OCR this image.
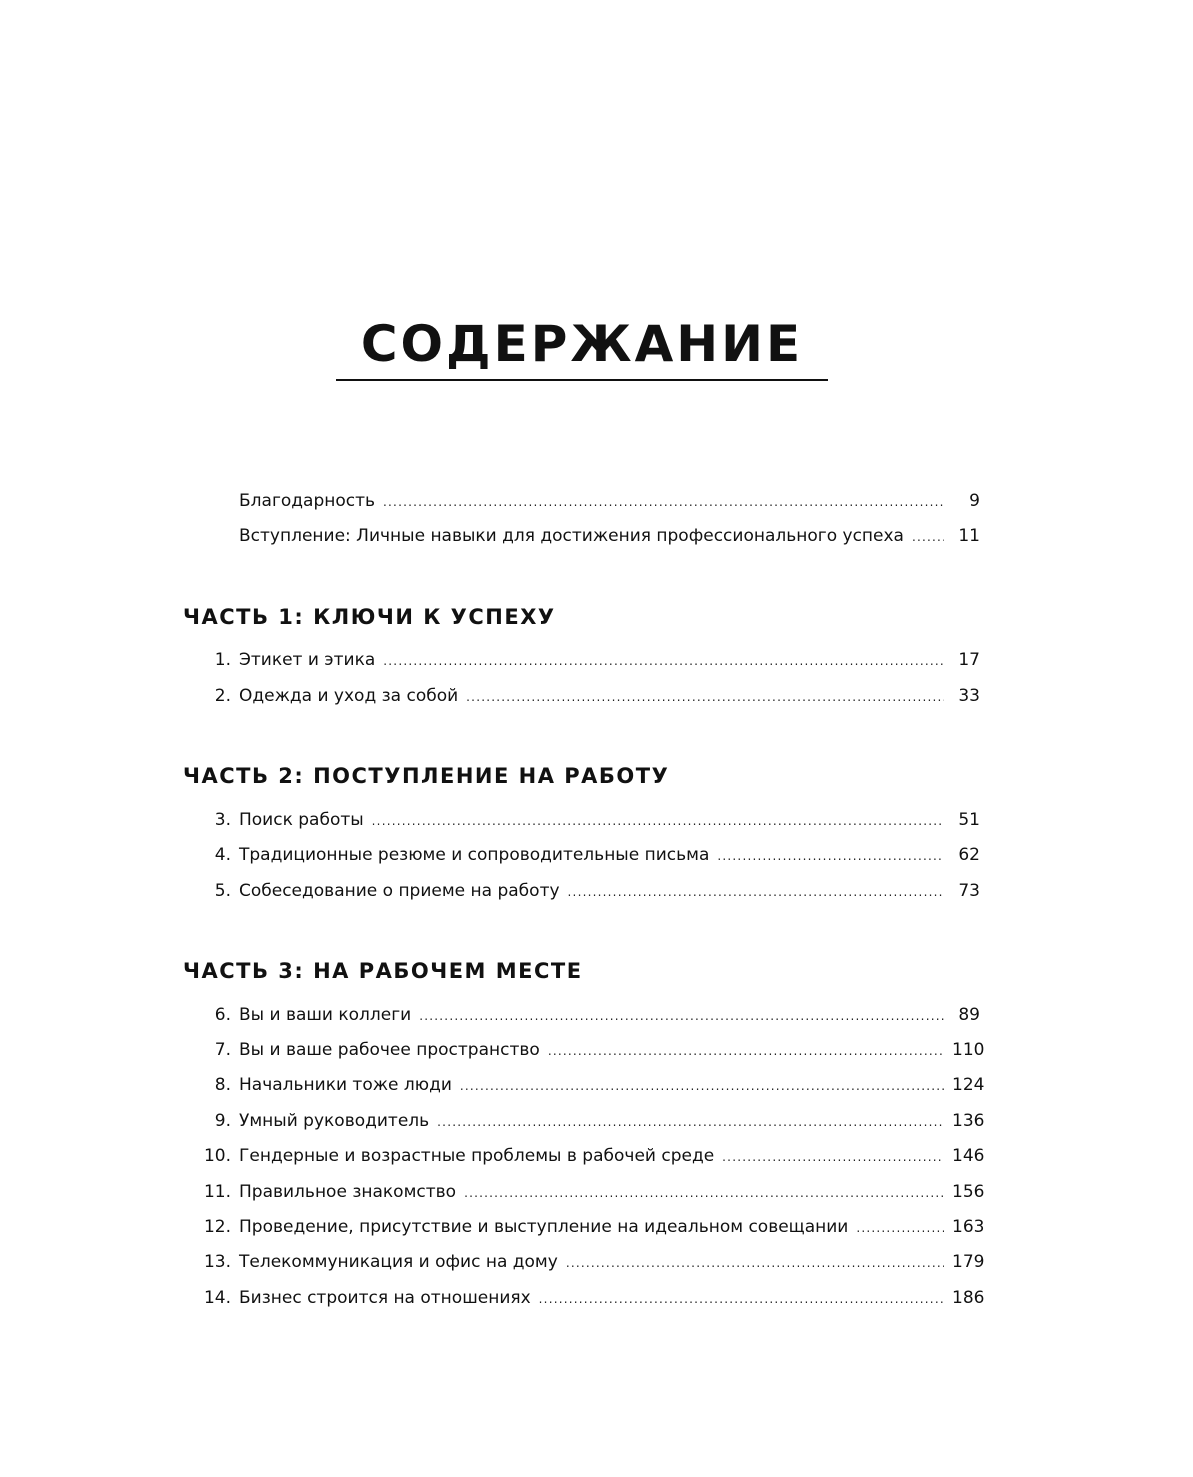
СОДЕРЖАНИЕ
Благодарность .....	9
Вступление: Личные навыки для достижения профессионального успеха .....	11
ЧАСТЬ 1: КЛЮЧИ К УСПЕХУ
1. Этикет и этика .....	17
2. Одежда и уход за собой .....	33
ЧАСТЬ 2: ПОСТУПЛЕНИЕ НА РАБОТУ
3. Поиск работы .....	51
4. Традиционные резюме и сопроводительные письма .....	62
5. Собеседование о приеме на работу .....	73
ЧАСТЬ 3: НА РАБОЧЕМ МЕСТЕ
6. Вы и ваши коллеги .....	89
7. Вы и ваше рабочее пространство .....	110
8. Начальники тоже люди .....	124
9. Умный руководитель .....	136
10. Гендерные и возрастные проблемы в рабочей среде .....	146
11. Правильное знакомство .....	156
12. Проведение, присутствие и выступление на идеальном совещании .....	163
13. Телекоммуникация и офис на дому .....	179
14. Бизнес строится на отношениях .....	186
